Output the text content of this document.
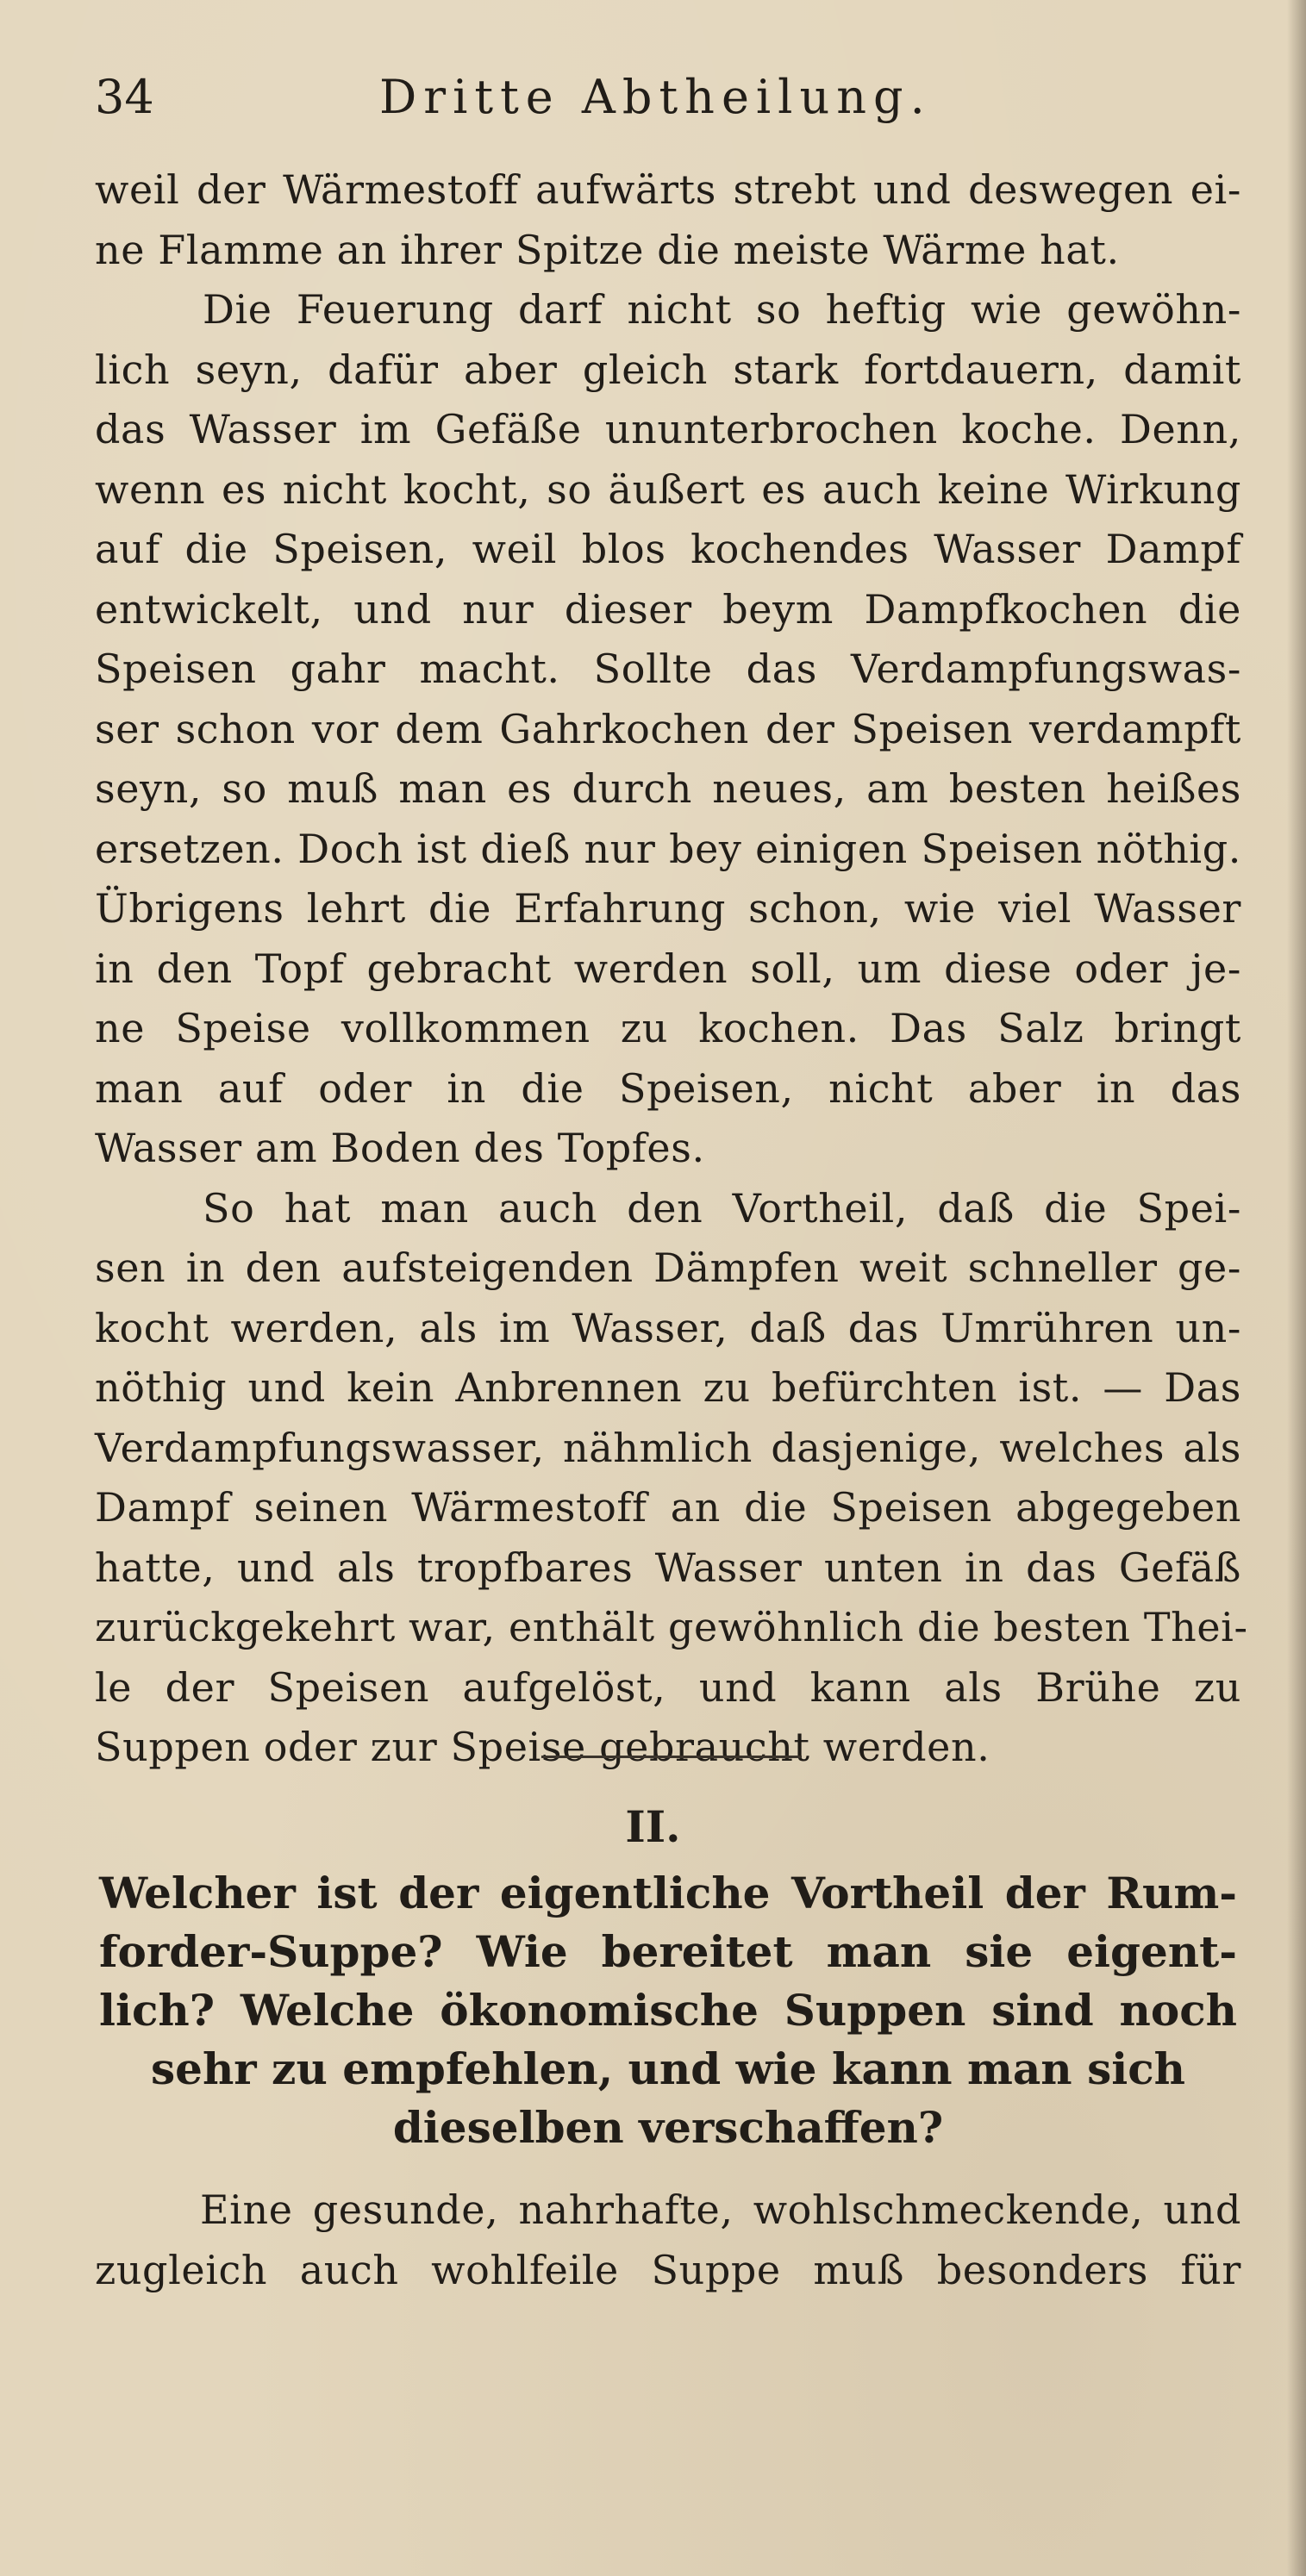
34	Dritte Abtheilung.
weil der Wärmestoff aufwärts strebt und deswegen ei-
ne Flamme an ihrer Spitze die meiste Wärme hat.
Die Feuerung darf nicht so heftig wie gewöhn-
lich seyn, dafür aber gleich stark fortdauern, damit
das Wasser im Gefäße ununterbrochen koche. Denn,
wenn es nicht kocht, so äußert es auch keine Wirkung
auf die Speisen, weil blos kochendes Wasser Dampf
entwickelt, und nur dieser beym Dampfkochen die
Speisen gahr macht. Sollte das Verdampfungswas-
ser schon vor dem Gahrkochen der Speisen verdampft
seyn, so muß man es durch neues, am besten heißes
ersetzen. Doch ist dieß nur bey einigen Speisen nöthig.
Übrigens lehrt die Erfahrung schon, wie viel Wasser
in den Topf gebracht werden soll, um diese oder je-
ne Speise vollkommen zu kochen. Das Salz bringt
man auf oder in die Speisen, nicht aber in das
Wasser am Boden des Topfes.
So hat man auch den Vortheil, daß die Spei-
sen in den aufsteigenden Dämpfen weit schneller ge-
kocht werden, als im Wasser, daß das Umrühren un-
nöthig und kein Anbrennen zu befürchten ist. — Das
Verdampfungswasser, nähmlich dasjenige, welches als
Dampf seinen Wärmestoff an die Speisen abgegeben
hatte, und als tropfbares Wasser unten in das Gefäß
zurückgekehrt war, enthält gewöhnlich die besten Thei-
le der Speisen aufgelöst, und kann als Brühe zu
Suppen oder zur Speise gebraucht werden.
II.
Welcher ist der eigentliche Vortheil der Rum-
forder-Suppe? Wie bereitet man sie eigent-
lich? Welche ökonomische Suppen sind noch
sehr zu empfehlen, und wie kann man sich
dieselben verschaffen?
Eine gesunde, nahrhafte, wohlschmeckende, und
zugleich auch wohlfeile Suppe muß besonders für
